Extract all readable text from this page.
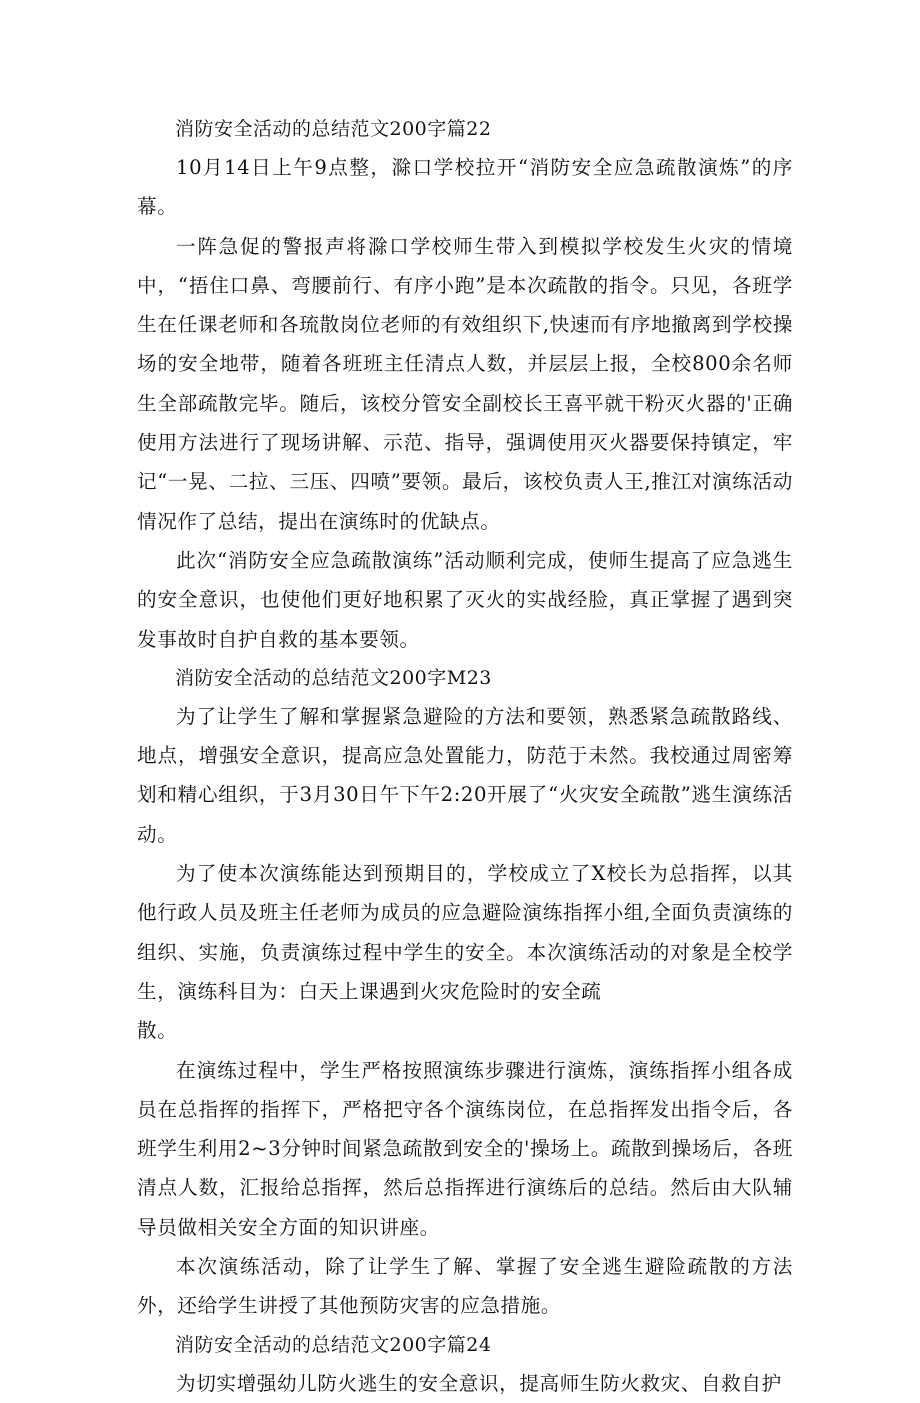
消防安全活动的总结范文200字篇22

10月14日上午9点整，滁口学校拉开“消防安全应急疏散演炼”的序幕。

一阵急促的警报声将滁口学校师生带入到模拟学校发生火灾的情境中，“捂住口鼻、弯腰前行、有序小跑”是本次疏散的指令。只见，各班学生在任课老师和各琉散岗位老师的有效组织下,快速而有序地撤离到学校操场的安全地带，随着各班班主任清点人数，并层层上报，全校800余名师生全部疏散完毕。随后，该校分管安全副校长王喜平就干粉灭火器的'正确使用方法进行了现场讲解、示范、指导，强调使用灭火器要保持镇定，牢记“一晃、二拉、三压、四喷”要领。最后，该校负责人王,推江对演练活动情况作了总结，提出在演练时的优缺点。

此次“消防安全应急疏散演练”活动顺利完成，使师生提高了应急逃生的安全意识，也使他们更好地积累了灭火的实战经脸，真正掌握了遇到突发事故时自护自救的基本要领。

消防安全活动的总结范文200字M23

为了让学生了解和掌握紧急避险的方法和要领，熟悉紧急疏散路线、地点，增强安全意识，提高应急处置能力，防范于未然。我校通过周密筹划和精心组织，于3月30日午下午2:20开展了“火灾安全疏散”逃生演练活动。

为了使本次演练能达到预期目的，学校成立了X校长为总指挥，以其他行政人员及班主任老师为成员的应急避险演练指挥小组,全面负责演练的组织、实施，负责演练过程中学生的安全。本次演练活动的对象是全校学生，演练科目为：白天上课遇到火灾危险时的安全疏

散。

在演练过程中，学生严格按照演练步骤进行演炼，演练指挥小组各成员在总指挥的指挥下，严格把守各个演练岗位，在总指挥发出指令后，各班学生利用2~3分钟时间紧急疏散到安全的'操场上。疏散到操场后，各班清点人数，汇报给总指挥，然后总指挥进行演练后的总结。然后由大队辅导员做相关安全方面的知识讲座。

本次演练活动，除了让学生了解、掌握了安全逃生避险疏散的方法外，还给学生讲授了其他预防灾害的应急措施。

消防安全活动的总结范文200字篇24

为切实增强幼儿防火逃生的安全意识，提高师生防火救灾、自救自护
